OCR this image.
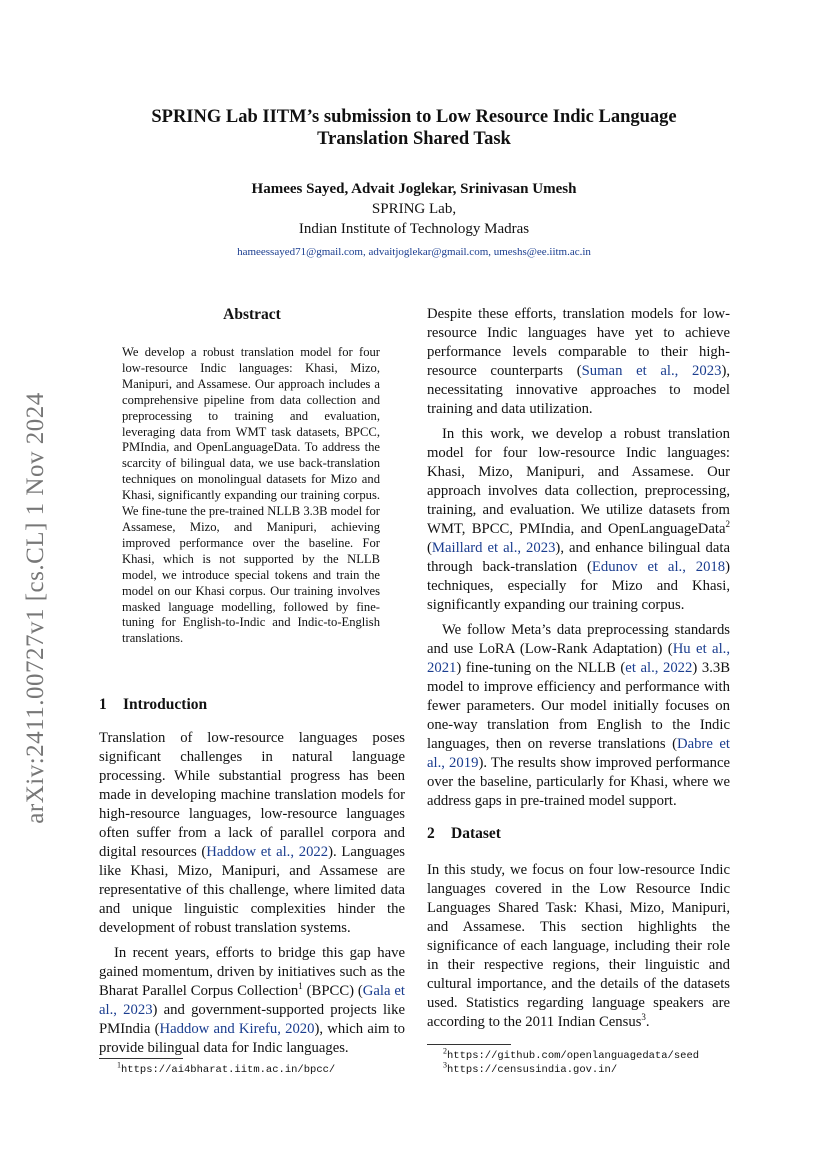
arXiv:2411.00727v1 [cs.CL] 1 Nov 2024
SPRING Lab IITM’s submission to Low Resource Indic Language
Translation Shared Task
Hamees Sayed, Advait Joglekar, Srinivasan Umesh
SPRING Lab,
Indian Institute of Technology Madras
hameessayed71@gmail.com, advaitjoglekar@gmail.com, umeshs@ee.iitm.ac.in

Abstract

We develop a robust translation model for four low-resource Indic languages: Khasi, Mizo, Manipuri, and Assamese. Our approach includes a comprehensive pipeline from data collection and preprocessing to training and evaluation, leveraging data from WMT task datasets, BPCC, PMIndia, and OpenLanguageData. To address the scarcity of bilingual data, we use back-translation techniques on monolingual datasets for Mizo and Khasi, significantly expanding our training corpus. We fine-tune the pre-trained NLLB 3.3B model for Assamese, Mizo, and Manipuri, achieving improved performance over the baseline. For Khasi, which is not supported by the NLLB model, we introduce special tokens and train the model on our Khasi corpus. Our training involves masked language modelling, followed by fine-tuning for English-to-Indic and Indic-to-English translations.

1 Introduction

Translation of low-resource languages poses significant challenges in natural language processing. While substantial progress has been made in developing machine translation models for high-resource languages, low-resource languages often suffer from a lack of parallel corpora and digital resources (Haddow et al., 2022). Languages like Khasi, Mizo, Manipuri, and Assamese are representative of this challenge, where limited data and unique linguistic complexities hinder the development of robust translation systems.

In recent years, efforts to bridge this gap have gained momentum, driven by initiatives such as the Bharat Parallel Corpus Collection$^1$ (BPCC) (Gala et al., 2023) and government-supported projects like PMIndia (Haddow and Kirefu, 2020), which aim to provide bilingual data for Indic languages.

Despite these efforts, translation models for low-resource Indic languages have yet to achieve performance levels comparable to their high-resource counterparts (Suman et al., 2023), necessitating innovative approaches to model training and data utilization.

In this work, we develop a robust translation model for four low-resource Indic languages: Khasi, Mizo, Manipuri, and Assamese. Our approach involves data collection, preprocessing, training, and evaluation. We utilize datasets from WMT, BPCC, PMIndia, and OpenLanguageData$^2$ (Maillard et al., 2023), and enhance bilingual data through back-translation (Edunov et al., 2018) techniques, especially for Mizo and Khasi, significantly expanding our training corpus.

We follow Meta’s data preprocessing standards and use LoRA (Low-Rank Adaptation) (Hu et al., 2021) fine-tuning on the NLLB (et al., 2022) 3.3B model to improve efficiency and performance with fewer parameters. Our model initially focuses on one-way translation from English to the Indic languages, then on reverse translations (Dabre et al., 2019). The results show improved performance over the baseline, particularly for Khasi, where we address gaps in pre-trained model support.

2 Dataset

In this study, we focus on four low-resource Indic languages covered in the Low Resource Indic Languages Shared Task: Khasi, Mizo, Manipuri, and Assamese. This section highlights the significance of each language, including their role in their respective regions, their linguistic and cultural importance, and the details of the datasets used. Statistics regarding language speakers are according to the 2011 Indian Census$^3$.

$^1$https://ai4bharat.iitm.ac.in/bpcc/
$^2$https://github.com/openlanguagedata/seed
$^3$https://censusindia.gov.in/
